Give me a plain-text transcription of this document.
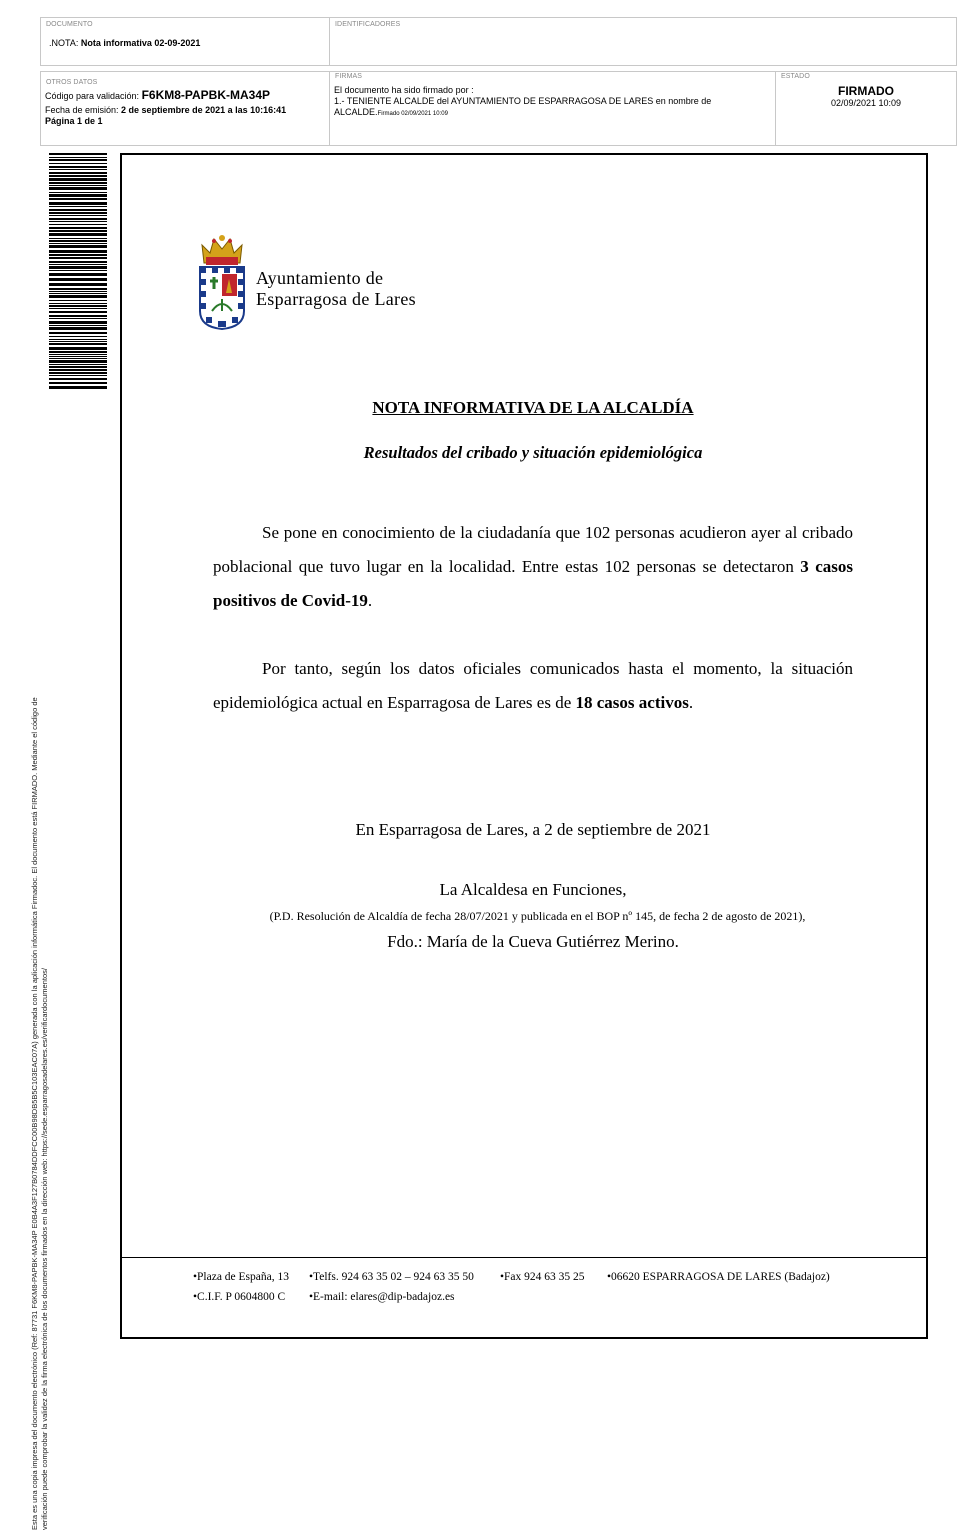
DOCUMENTO
.NOTA: Nota informativa 02-09-2021
IDENTIFICADORES
OTROS DATOS
Código para validación: F6KM8-PAPBK-MA34P
Fecha de emisión: 2 de septiembre de 2021 a las 10:16:41
Página 1 de 1
FIRMAS
El documento ha sido firmado por :
1.- TENIENTE ALCALDE del AYUNTAMIENTO DE ESPARRAGOSA DE LARES en nombre de
ALCALDE.Firmado 02/09/2021 10:09
ESTADO
FIRMADO
02/09/2021 10:09
Esta es una copia impresa del documento electrónico (Ref: 87731 F6KM8-PAPBK-MA34P E0B4A3F127B0784DDFCC00B98DB5B5C103EAC07A) generada con la aplicación informática Firmadoc. El documento está FIRMADO. Mediante el código de verificación puede comprobar la validez de la firma electrónica de los documentos firmados en la dirección web: https://sede.esparragosadelares.es/verificardocumentos/
Ayuntamiento de
Esparragosa de Lares
NOTA INFORMATIVA DE LA ALCALDÍA
Resultados del cribado y situación epidemiológica
Se pone en conocimiento de la ciudadanía que 102 personas acudieron ayer al cribado poblacional que tuvo lugar en la localidad. Entre estas 102 personas se detectaron 3 casos positivos de Covid-19.
Por tanto, según los datos oficiales comunicados hasta el momento, la situación epidemiológica actual en Esparragosa de Lares es de 18 casos activos.
En Esparragosa de Lares, a 2 de septiembre de 2021
La Alcaldesa en Funciones,
(P.D. Resolución de Alcaldía de fecha 28/07/2021 y publicada en el BOP nº 145, de fecha 2 de agosto de 2021),
Fdo.: María de la Cueva Gutiérrez Merino.
•Plaza de España, 13 •Telfs. 924 63 35 02 – 924 63 35 50 •Fax 924 63 35 25 •06620 ESPARRAGOSA DE LARES (Badajoz)
•C.I.F. P 0604800 C •E-mail: elares@dip-badajoz.es
